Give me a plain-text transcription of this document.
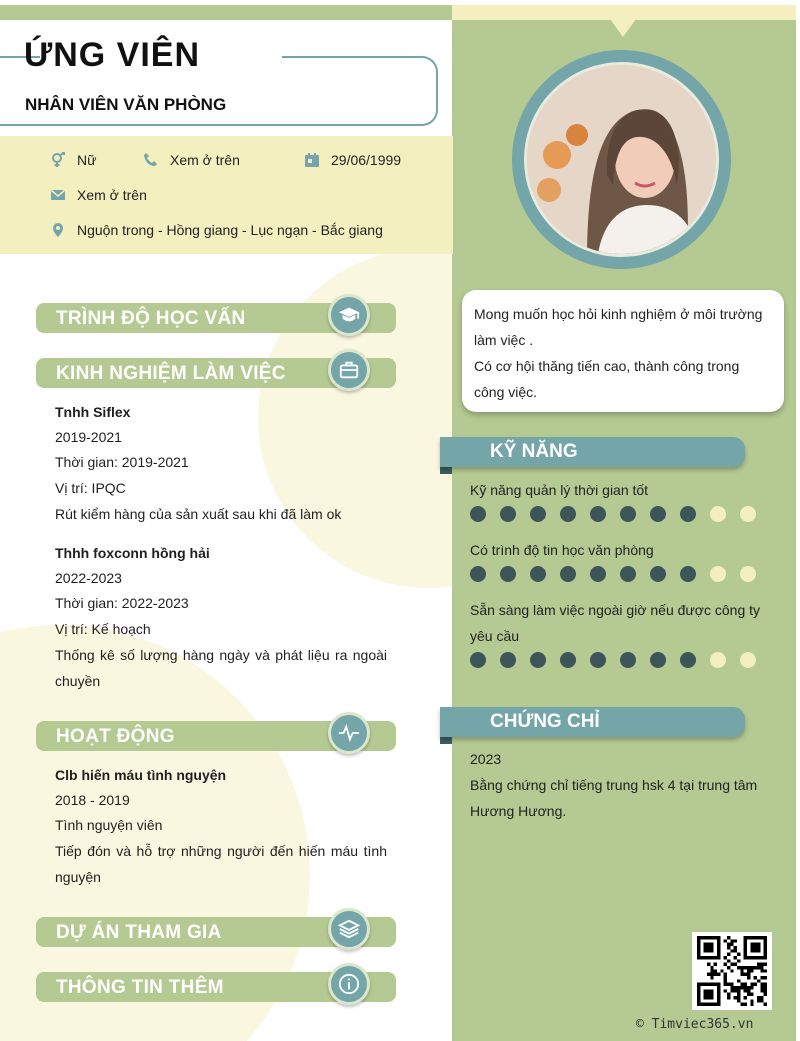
ỨNG VIÊN
NHÂN VIÊN VĂN PHÒNG
Nữ	Xem ở trên	29/06/1999
Xem ở trên
Nguộn trong - Hồng giang - Lục ngạn - Bắc giang
TRÌNH ĐỘ HỌC VẤN
KINH NGHIỆM LÀM VIỆC
Tnhh Siflex
2019-2021
Thời gian: 2019-2021
Vị trí: IPQC
Rút kiểm hàng của sản xuất sau khi đã làm ok
Thhh foxconn hồng hải
2022-2023
Thời gian: 2022-2023
Vị trí: Kế hoạch
Thống kê số lượng hàng ngày và phát liệu ra ngoài chuyền
HOẠT ĐỘNG
Clb hiến máu tình nguyện
2018 - 2019
Tình nguyện viên
Tiếp đón và hỗ trợ những người đến hiến máu tình nguyện
DỰ ÁN THAM GIA
THÔNG TIN THÊM
Mong muốn học hỏi kinh nghiệm ở môi trường làm việc .
Có cơ hội thăng tiến cao, thành công trong công việc.
KỸ NĂNG
Kỹ năng quản lý thời gian tốt
Có trình độ tin học văn phòng
Sẵn sàng làm việc ngoài giờ nếu được công ty yêu cầu
CHỨNG CHỈ
2023
Bằng chứng chỉ tiếng trung hsk 4 tại trung tâm Hương Hương.
© Timviec365.vn
